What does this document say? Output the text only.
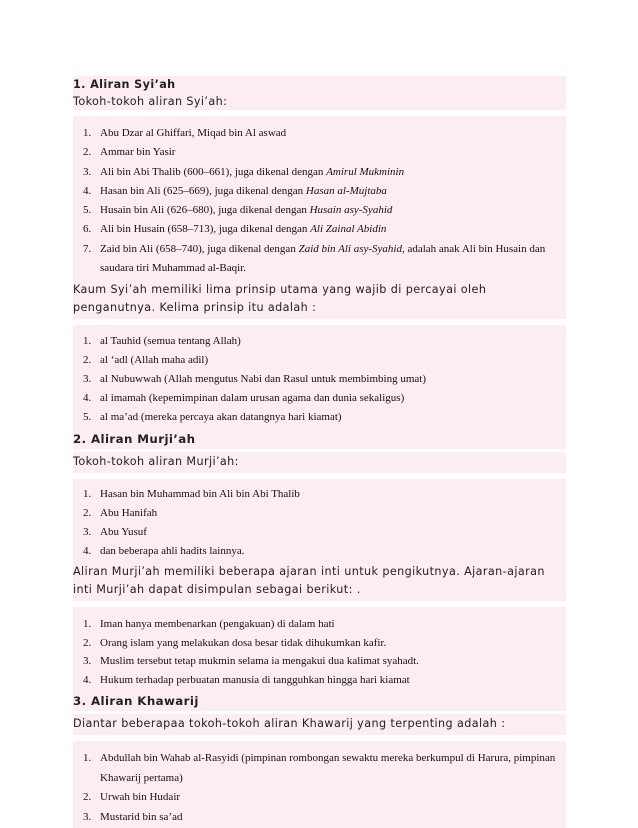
1. Aliran Syi’ah
Tokoh-tokoh aliran Syi’ah:
1. Abu Dzar al Ghiffari, Miqad bin Al aswad
2. Ammar bin Yasir
3. Ali bin Abi Thalib (600–661), juga dikenal dengan Amirul Mukminin
4. Hasan bin Ali (625–669), juga dikenal dengan Hasan al-Mujtaba
5. Husain bin Ali (626–680), juga dikenal dengan Husain asy-Syahid
6. Ali bin Husain (658–713), juga dikenal dengan Ali Zainal Abidin
7. Zaid bin Ali (658–740), juga dikenal dengan Zaid bin Ali asy-Syahid, adalah anak Ali bin Husain dan saudara tiri Muhammad al-Baqir.
Kaum Syi’ah memiliki lima prinsip utama yang wajib di percayai oleh penganutnya. Kelima prinsip itu adalah :
1. al Tauhid (semua tentang Allah)
2. al ‘adl (Allah maha adil)
3. al Nubuwwah (Allah mengutus Nabi dan Rasul untuk membimbing umat)
4. al imamah (kepemimpinan dalam urusan agama dan dunia sekaligus)
5. al ma’ad (mereka percaya akan datangnya hari kiamat)
2. Aliran Murji’ah
Tokoh-tokoh aliran Murji’ah:
1. Hasan bin Muhammad bin Ali bin Abi Thalib
2. Abu Hanifah
3. Abu Yusuf
4. dan beberapa ahli hadits lainnya.
Aliran Murji’ah memiliki beberapa ajaran inti untuk pengikutnya. Ajaran-ajaran inti Murji’ah dapat disimpulan sebagai berikut: .
1. Iman hanya membenarkan (pengakuan) di dalam hati
2. Orang islam yang melakukan dosa besar tidak dihukumkan kafir.
3. Muslim tersebut tetap mukmin selama ia mengakui dua kalimat syahadt.
4. Hukum terhadap perbuatan manusia di tangguhkan hingga hari kiamat
3. Aliran Khawarij
Diantar beberapaa tokoh-tokoh aliran Khawarij yang terpenting adalah :
1. Abdullah bin Wahab al-Rasyidi (pimpinan rombongan sewaktu mereka berkumpul di Harura, pimpinan Khawarij pertama)
2. Urwah bin Hudair
3. Mustarid bin sa’ad
